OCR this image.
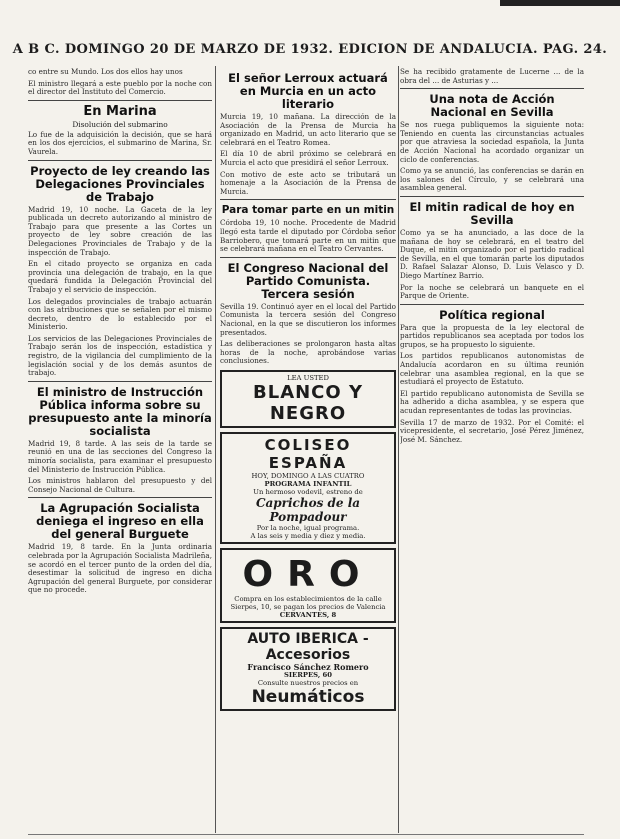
A B C. DOMINGO 20 DE MARZO DE 1932. EDICION DE ANDALUCIA. PAG. 24.

co entre su Mundo. Los dos ellos hay unos

El ministro llegará a este pueblo por la noche con el director del Instituto del Comercio.

En Marina
Disolución del submarino

Lo fue de la adquisición la decisión, que se hará en los dos ejercicios, el submarino de Marina, Sr. Vaurela.

Proyecto de ley creando las Delegaciones Provinciales de Trabajo

Madrid 19, 10 noche. La Gaceta de la ley publicada un decreto autorizando al ministro de Trabajo para que presente a las Cortes un proyecto de ley sobre creación de las Delegaciones Provinciales de Trabajo y de la inspección de Trabajo.

En el citado proyecto se organiza en cada provincia una delegación de trabajo, en la que quedará fundida la Delegación Provincial del Trabajo y el servicio de inspección.

Los delegados provinciales de trabajo actuarán con las atribuciones que se señalen por el mismo decreto, dentro de lo establecido por el Ministerio.

Los servicios de las Delegaciones Provinciales de Trabajo serán los de inspección, estadística y registro, de la vigilancia del cumplimiento de la legislación social y de los demás asuntos de trabajo.

El ministro de Instrucción Pública informa sobre su presupuesto ante la minoría socialista

Madrid 19, 8 tarde. A las seis de la tarde se reunió en una de las secciones del Congreso la minoría socialista, para examinar el presupuesto del Ministerio de Instrucción Pública.

Los ministros hablaron del presupuesto y del Consejo Nacional de Cultura.

La Agrupación Socialista deniega el ingreso en ella del general Burguete

Madrid 19, 8 tarde. En la Junta ordinaria celebrada por la Agrupación Socialista Madrileña, se acordó en el tercer punto de la orden del día, desestimar la solicitud de ingreso en dicha Agrupación del general Burguete, por considerar que no procede.

El señor Lerroux actuará en Murcia en un acto literario

Murcia 19, 10 mañana. La dirección de la Asociación de la Prensa de Murcia ha organizado en Madrid, un acto literario que se celebrará en el Teatro Romea.

El día 10 de abril próximo se celebrará en Murcia el acto que presidirá el señor Lerroux.

Con motivo de este acto se tributará un homenaje a la Asociación de la Prensa de Murcia.

Para tomar parte en un mitin

Córdoba 19, 10 noche. Procedente de Madrid llegó esta tarde el diputado por Córdoba señor Barriobero, que tomará parte en un mitin que se celebrará mañana en el Teatro Cervantes.

El Congreso Nacional del Partido Comunista. Tercera sesión

Sevilla 19. Continuó ayer en el local del Partido Comunista la tercera sesión del Congreso Nacional, en la que se discutieron los informes presentados.

Las deliberaciones se prolongaron hasta altas horas de la noche, aprobándose varias conclusiones.

LEA USTED
BLANCO Y NEGRO
COLISEO ESPAÑA
HOY, DOMINGO A LAS CUATRO
PROGRAMA INFANTIL
Un hermoso vodevil, estreno de
Caprichos de la Pompadour
Por la noche, igual programa.
A las seis y media y diez y media.
ORO
Compra en los establecimientos de la calle Sierpes, 10, se pagan los precios de Valencia
CERVANTES, 8
AUTO IBERICA - Accesorios
Francisco Sánchez Romero
SIERPES, 60
Consulte nuestros precios en
Neumáticos

Se ha recibido gratamente de Lucerne ... de la obra del ... de Asturias y ...

Una nota de Acción Nacional en Sevilla

Se nos ruega publiquemos la siguiente nota: Teniendo en cuenta las circunstancias actuales por que atraviesa la sociedad española, la Junta de Acción Nacional ha acordado organizar un ciclo de conferencias.

Como ya se anunció, las conferencias se darán en los salones del Círculo, y se celebrará una asamblea general.

El mitin radical de hoy en Sevilla

Como ya se ha anunciado, a las doce de la mañana de hoy se celebrará, en el teatro del Duque, el mitin organizado por el partido radical de Sevilla, en el que tomarán parte los diputados D. Rafael Salazar Alonso, D. Luis Velasco y D. Diego Martínez Barrio.

Por la noche se celebrará un banquete en el Parque de Oriente.

Política regional

Para que la propuesta de la ley electoral de partidos republicanos sea aceptada por todos los grupos, se ha propuesto lo siguiente.

Los partidos republicanos autonomistas de Andalucía acordaron en su última reunión celebrar una asamblea regional, en la que se estudiará el proyecto de Estatuto.

El partido republicano autonomista de Sevilla se ha adherido a dicha asamblea, y se espera que acudan representantes de todas las provincias.

Sevilla 17 de marzo de 1932. Por el Comité: el vicepresidente, el secretario, José Pérez Jiménez, José M. Sánchez.
